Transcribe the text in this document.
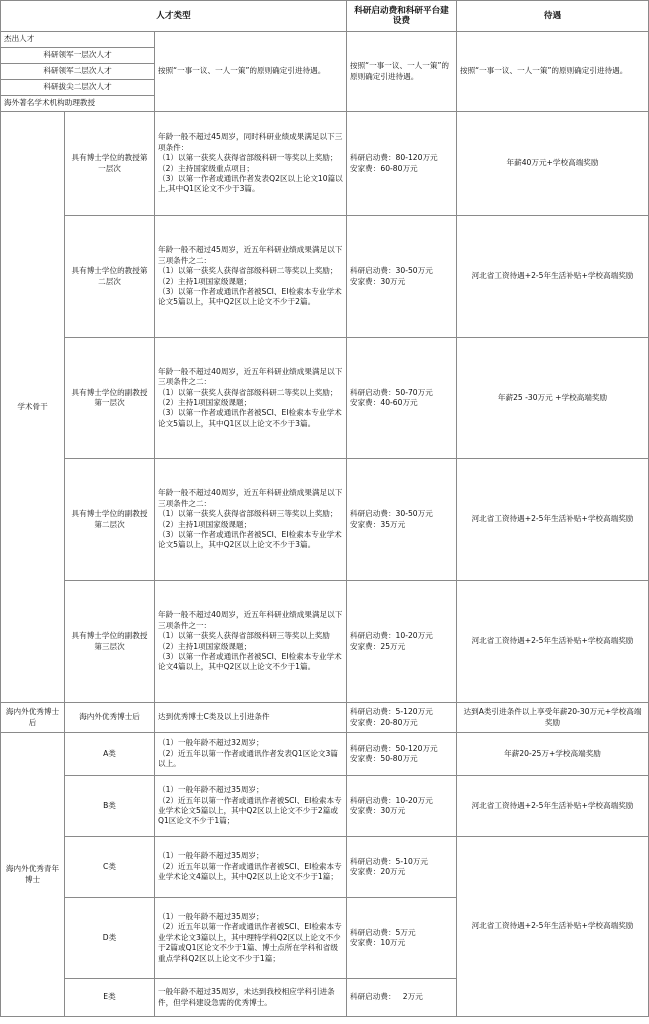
人才类型			科研启动费和科研平台建设费	待遇
杰出人才		按照“一事一议、一人一策”的原则确定引进待遇。	按照“一事一议、一人一策”的原则确定引进待遇。	按照“一事一议、一人一策”的原则确定引进待遇。
科研领军一层次人才				
科研领军二层次人才				
科研拔尖二层次人才				
海外著名学术机构助理教授				
学术骨干	具有博士学位的教授第一层次	年龄一般不超过45周岁，同时科研业绩成果满足以下三项条件：
（1）以第一获奖人获得省部级科研一等奖以上奖励；
（2）主持国家级重点项目；
（3）以第一作者或通讯作者发表Q2区以上论文10篇以上,其中Q1区论文不少于3篇。	科研启动费：80-120万元
安家费：60-80万元	年薪40万元+学校高端奖励
	具有博士学位的教授第二层次	年龄一般不超过45周岁，近五年科研业绩成果满足以下三项条件之二：
（1）以第一获奖人获得省部级科研二等奖以上奖励；
（2）主持1项国家级课题；
（3）以第一作者或通讯作者被SCI、EI检索本专业学术论文5篇以上，其中Q2区以上论文不少于2篇。	科研启动费：30-50万元
安家费：30万元	河北省工资待遇+2-5年生活补贴+学校高端奖励
	具有博士学位的副教授第一层次	年龄一般不超过40周岁，近五年科研业绩成果满足以下三项条件之二：
（1）以第一获奖人获得省部级科研二等奖以上奖励；
（2）主持1项国家级课题；
（3）以第一作者或通讯作者被SCI、EI检索本专业学术论文5篇以上，其中Q1区以上论文不少于3篇。	科研启动费：50-70万元
安家费：40-60万元	年薪25 -30万元 +学校高端奖励
	具有博士学位的副教授第二层次	年龄一般不超过40周岁，近五年科研业绩成果满足以下三项条件之二：
（1）以第一获奖人获得省部级科研三等奖以上奖励；
（2）主持1项国家级课题；
（3）以第一作者或通讯作者被SCI、EI检索本专业学术论文5篇以上，其中Q2区以上论文不少于3篇。	科研启动费：30-50万元
安家费：35万元	河北省工资待遇+2-5年生活补贴+学校高端奖励
	具有博士学位的副教授第三层次	年龄一般不超过40周岁，近五年科研业绩成果满足以下三项条件之一：
（1）以第一获奖人获得省部级科研三等奖以上奖励
（2）主持1项国家级课题；
（3）以第一作者或通讯作者被SCI、EI检索本专业学术论文4篇以上，其中Q2区以上论文不少于1篇。	科研启动费：10-20万元
安家费：25万元	河北省工资待遇+2-5年生活补贴+学校高端奖励
海内外优秀博士后	海内外优秀博士后	达到优秀博士C类及以上引进条件	科研启动费：5-120万元
安家费：20-80万元	达到A类引进条件以上享受年薪20-30万元+学校高端奖励
海内外优秀青年博士	A类	（1）一般年龄不超过32周岁；
（2）近五年以第一作者或通讯作者发表Q1区论文3篇以上。	科研启动费：50-120万元
安家费：50-80万元	年薪20-25万+学校高端奖励
	B类	（1）一般年龄不超过35周岁；
（2）近五年以第一作者或通讯作者被SCI、EI检索本专业学术论文5篇以上，其中Q2区以上论文不少于2篇或Q1区论文不少于1篇；	科研启动费：10-20万元
安家费：30万元	河北省工资待遇+2-5年生活补贴+学校高端奖励
	C类	（1）一般年龄不超过35周岁；
（2）近五年以第一作者或通讯作者被SCI、EI检索本专业学术论文4篇以上，其中Q2区以上论文不少于1篇；	科研启动费：5-10万元
安家费：20万元	河北省工资待遇+2-5年生活补贴+学校高端奖励
	D类	（1）一般年龄不超过35周岁；
（2）近五年以第一作者或通讯作者被SCI、EI检索本专业学术论文3篇以上，其中理特学科Q2区以上论文不少于2篇或Q1区论文不少于1篇、博士点所在学科和省级重点学科Q2区以上论文不少于1篇；	科研启动费：5万元
安家费：10万元	
	E类	一般年龄不超过35周岁，未达到我校相应学科引进条件，但学科建设急需的优秀博士。	科研启动费：   2万元	
